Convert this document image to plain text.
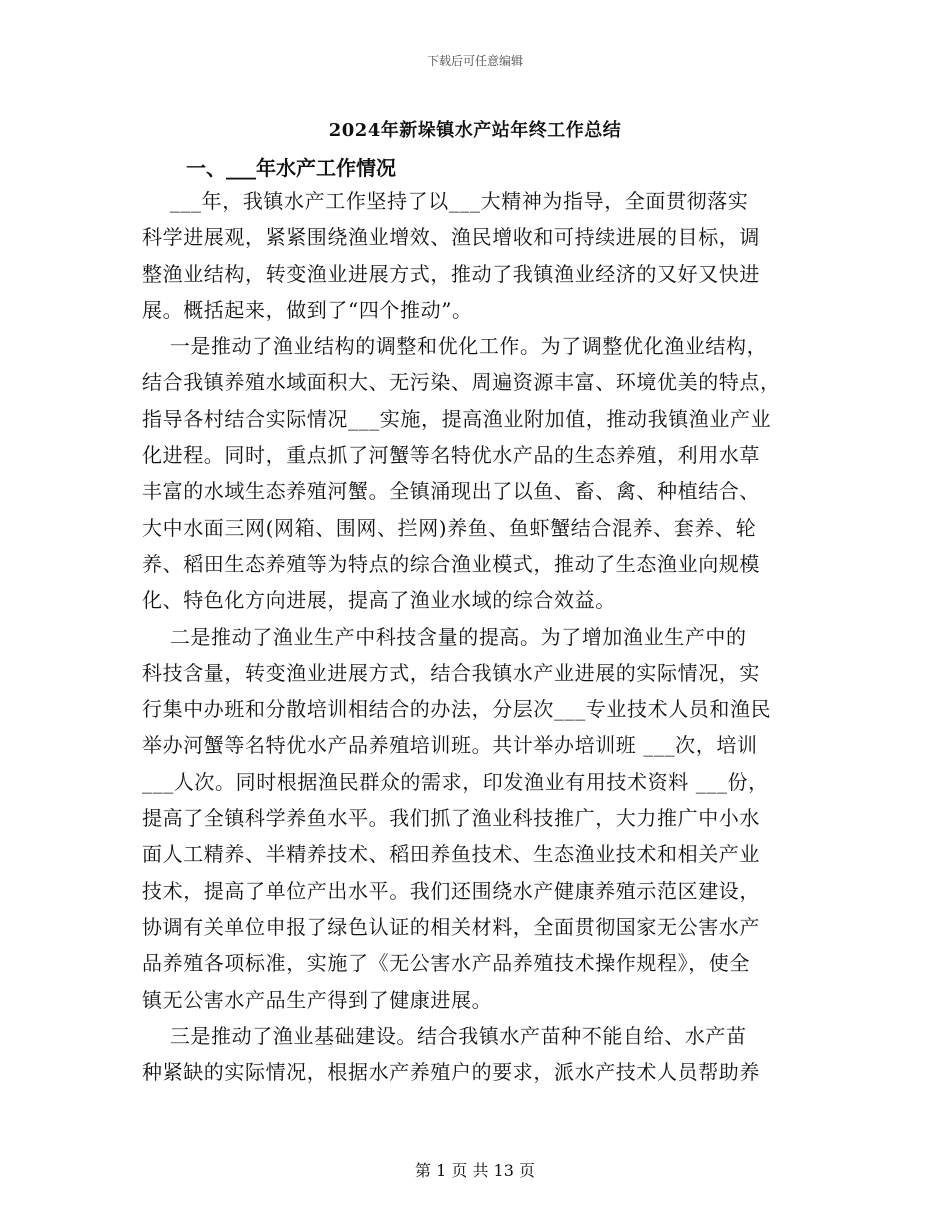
下载后可任意编辑
2024年新垛镇水产站年终工作总结
一、___年水产工作情况
___年，我镇水产工作坚持了以___大精神为指导，全面贯彻落实
科学进展观，紧紧围绕渔业增效、渔民增收和可持续进展的目标，调
整渔业结构，转变渔业进展方式，推动了我镇渔业经济的又好又快进
展。概括起来，做到了“四个推动”。
一是推动了渔业结构的调整和优化工作。为了调整优化渔业结构，
结合我镇养殖水域面积大、无污染、周遍资源丰富、环境优美的特点，
指导各村结合实际情况___实施，提高渔业附加值，推动我镇渔业产业
化进程。同时，重点抓了河蟹等名特优水产品的生态养殖，利用水草
丰富的水域生态养殖河蟹。全镇涌现出了以鱼、畜、禽、种植结合、
大中水面三网(网箱、围网、拦网)养鱼、鱼虾蟹结合混养、套养、轮
养、稻田生态养殖等为特点的综合渔业模式，推动了生态渔业向规模
化、特色化方向进展，提高了渔业水域的综合效益。
二是推动了渔业生产中科技含量的提高。为了增加渔业生产中的
科技含量，转变渔业进展方式，结合我镇水产业进展的实际情况，实
行集中办班和分散培训相结合的办法，分层次___专业技术人员和渔民
举办河蟹等名特优水产品养殖培训班。共计举办培训班 ___次，培训
___人次。同时根据渔民群众的需求，印发渔业有用技术资料 ___份，
提高了全镇科学养鱼水平。我们抓了渔业科技推广，大力推广中小水
面人工精养、半精养技术、稻田养鱼技术、生态渔业技术和相关产业
技术，提高了单位产出水平。我们还围绕水产健康养殖示范区建设，
协调有关单位申报了绿色认证的相关材料，全面贯彻国家无公害水产
品养殖各项标准，实施了《无公害水产品养殖技术操作规程》，使全
镇无公害水产品生产得到了健康进展。
三是推动了渔业基础建设。结合我镇水产苗种不能自给、水产苗
种紧缺的实际情况，根据水产养殖户的要求，派水产技术人员帮助养
第 1 页 共 13 页
